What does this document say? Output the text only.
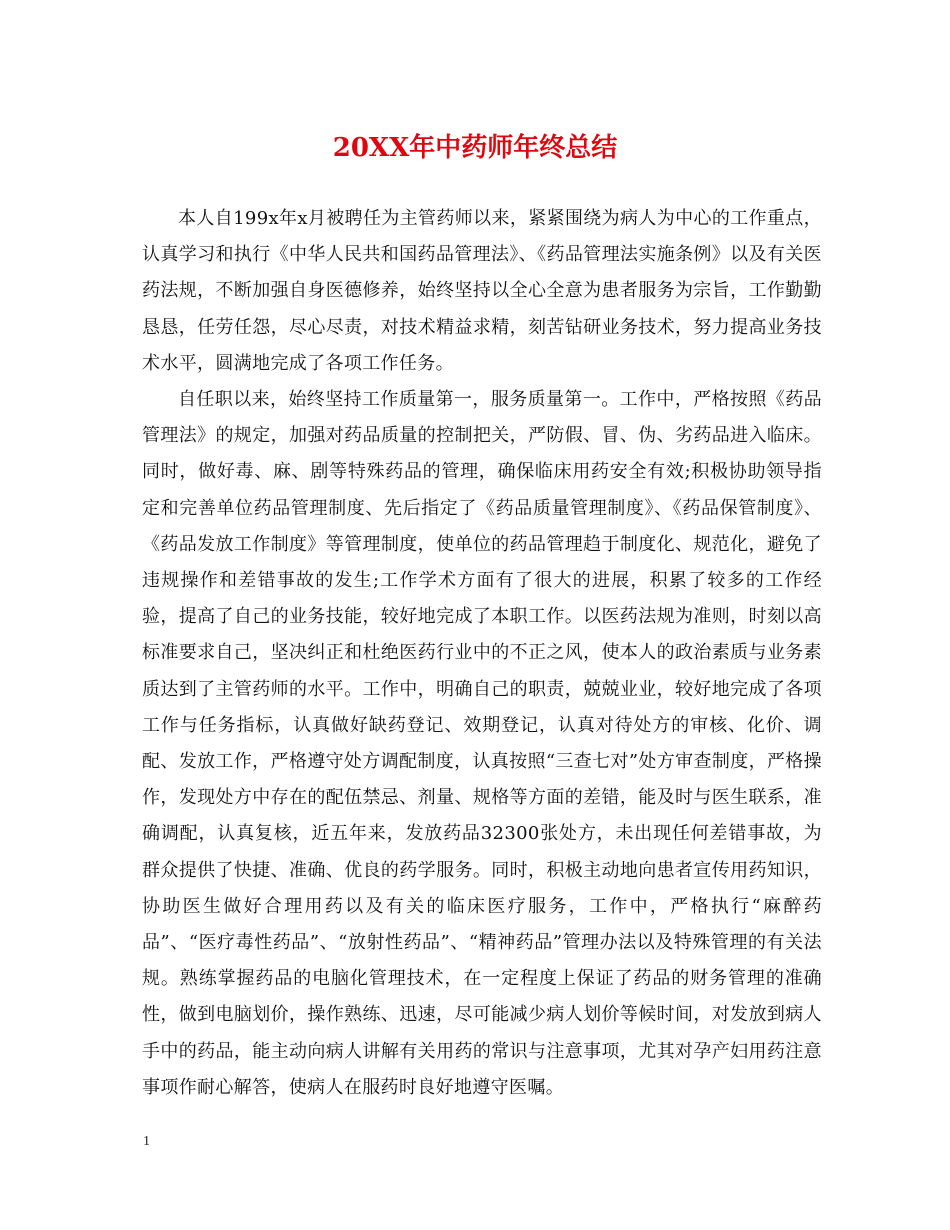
20XX年中药师年终总结

本人自199x年x月被聘任为主管药师以来，紧紧围绕为病人为中心的工作重点，认真学习和执行《中华人民共和国药品管理法》、《药品管理法实施条例》以及有关医药法规，不断加强自身医德修养，始终坚持以全心全意为患者服务为宗旨，工作勤勤恳恳，任劳任怨，尽心尽责，对技术精益求精，刻苦钻研业务技术，努力提高业务技术水平，圆满地完成了各项工作任务。

自任职以来，始终坚持工作质量第一，服务质量第一。工作中，严格按照《药品管理法》的规定，加强对药品质量的控制把关，严防假、冒、伪、劣药品进入临床。同时，做好毒、麻、剧等特殊药品的管理，确保临床用药安全有效;积极协助领导指定和完善单位药品管理制度、先后指定了《药品质量管理制度》、《药品保管制度》、《药品发放工作制度》等管理制度，使单位的药品管理趋于制度化、规范化，避免了违规操作和差错事故的发生;工作学术方面有了很大的进展，积累了较多的工作经验，提高了自己的业务技能，较好地完成了本职工作。以医药法规为准则，时刻以高标准要求自己，坚决纠正和杜绝医药行业中的不正之风，使本人的政治素质与业务素质达到了主管药师的水平。工作中，明确自己的职责，兢兢业业，较好地完成了各项工作与任务指标，认真做好缺药登记、效期登记，认真对待处方的审核、化价、调配、发放工作，严格遵守处方调配制度，认真按照“三查七对”处方审查制度，严格操作，发现处方中存在的配伍禁忌、剂量、规格等方面的差错，能及时与医生联系，准确调配，认真复核，近五年来，发放药品32300张处方，未出现任何差错事故，为群众提供了快捷、准确、优良的药学服务。同时，积极主动地向患者宣传用药知识，协助医生做好合理用药以及有关的临床医疗服务，工作中，严格执行“麻醉药品”、“医疗毒性药品”、“放射性药品”、“精神药品”管理办法以及特殊管理的有关法规。熟练掌握药品的电脑化管理技术，在一定程度上保证了药品的财务管理的准确性，做到电脑划价，操作熟练、迅速，尽可能减少病人划价等候时间，对发放到病人手中的药品，能主动向病人讲解有关用药的常识与注意事项，尤其对孕产妇用药注意事项作耐心解答，使病人在服药时良好地遵守医嘱。

1
